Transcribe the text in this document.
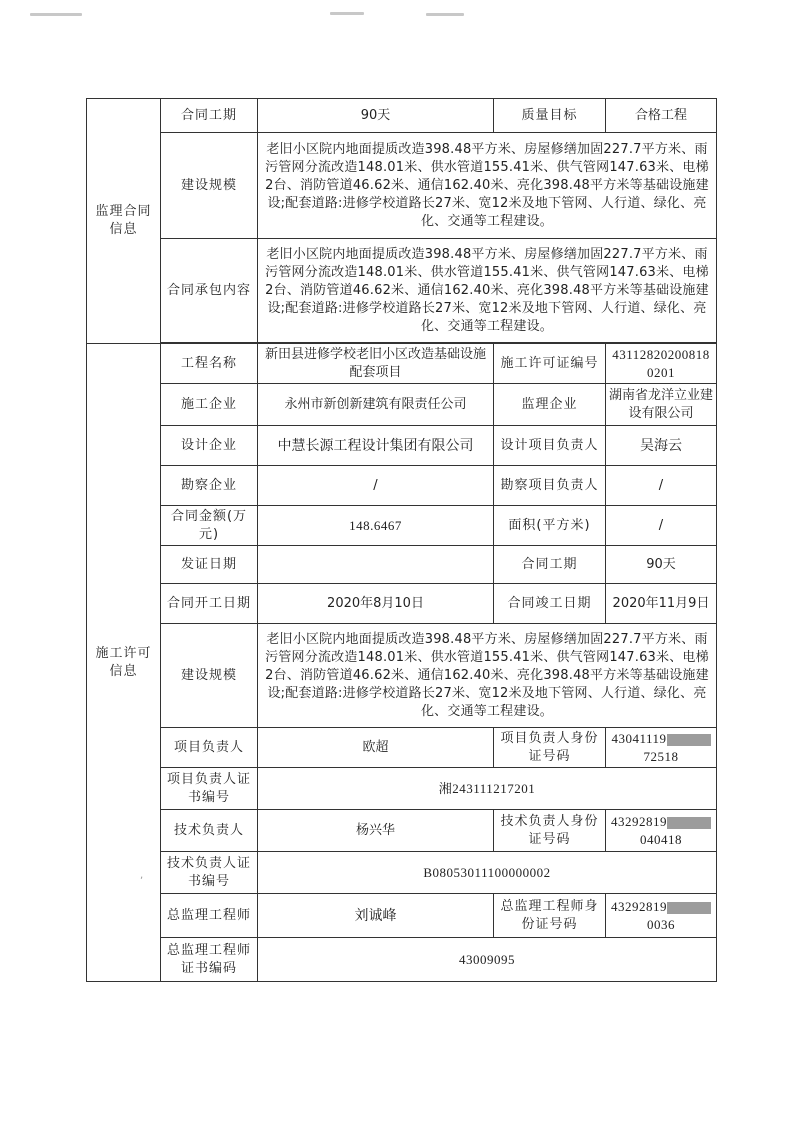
,
监理合同信息	合同工期	90天	质量目标	合格工程
	建设规模	老旧小区院内地面提质改造398.48平方米、房屋修缮加固227.7平方米、雨污管网分流改造148.01米、供水管道155.41米、供气管网147.63米、电梯2台、消防管道46.62米、通信162.40米、亮化398.48平方米等基础设施建设;配套道路:进修学校道路长27米、宽12米及地下管网、人行道、绿化、亮化、交通等工程建设。		
	合同承包内容	老旧小区院内地面提质改造398.48平方米、房屋修缮加固227.7平方米、雨污管网分流改造148.01米、供水管道155.41米、供气管网147.63米、电梯2台、消防管道46.62米、通信162.40米、亮化398.48平方米等基础设施建设;配套道路:进修学校道路长27米、宽12米及地下管网、人行道、绿化、亮化、交通等工程建设。		

施工许可信息	工程名称	新田县进修学校老旧小区改造基础设施配套项目	施工许可证编号	431128202008180201
	施工企业	永州市新创新建筑有限责任公司	监理企业	湖南省龙洋立业建设有限公司
	设计企业	中慧长源工程设计集团有限公司	设计项目负责人	吴海云
	勘察企业	/	勘察项目负责人	/
	合同金额(万元)	148.6467	面积(平方米)	/
	发证日期		合同工期	90天
	合同开工日期	2020年8月10日	合同竣工日期	2020年11月9日
	建设规模	老旧小区院内地面提质改造398.48平方米、房屋修缮加固227.7平方米、雨污管网分流改造148.01米、供水管道155.41米、供气管网147.63米、电梯2台、消防管道46.62米、通信162.40米、亮化398.48平方米等基础设施建设;配套道路:进修学校道路长27米、宽12米及地下管网、人行道、绿化、亮化、交通等工程建设。		
	项目负责人	欧超	项目负责人身份证号码	4304111972518
	项目负责人证书编号	湘243111217201		
	技术负责人	杨兴华	技术负责人身份证号码	43292819040418
	技术负责人证书编号	B08053011100000002		
	总监理工程师	刘诚峰	总监理工程师身份证号码	432928190036
	总监理工程师证书编码	43009095		
